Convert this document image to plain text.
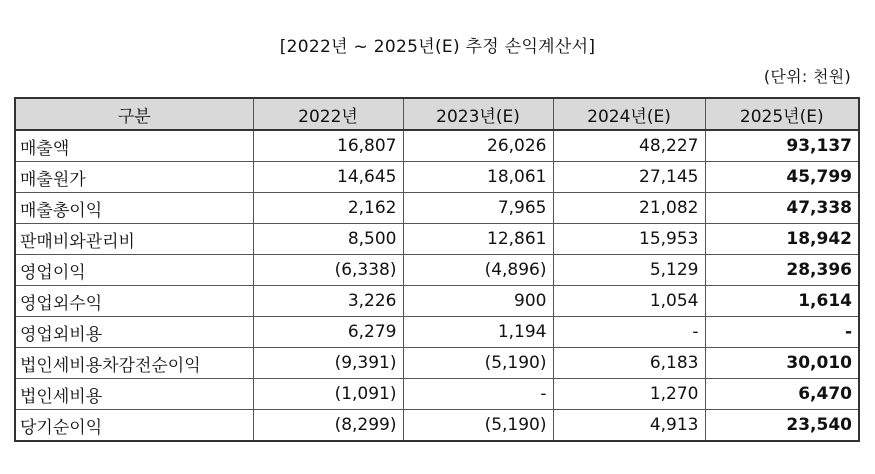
[2022년 ~ 2025년(E) 추정 손익계산서]
(단위: 천원)
구분	2022년	2023년(E)	2024년(E)	2025년(E)
매출액	16,807	26,026	48,227	93,137
매출원가	14,645	18,061	27,145	45,799
매출총이익	2,162	7,965	21,082	47,338
판매비와관리비	8,500	12,861	15,953	18,942
영업이익	(6,338)	(4,896)	5,129	28,396
영업외수익	3,226	900	1,054	1,614
영업외비용	6,279	1,194	-	-
법인세비용차감전순이익	(9,391)	(5,190)	6,183	30,010
법인세비용	(1,091)	-	1,270	6,470
당기순이익	(8,299)	(5,190)	4,913	23,540
